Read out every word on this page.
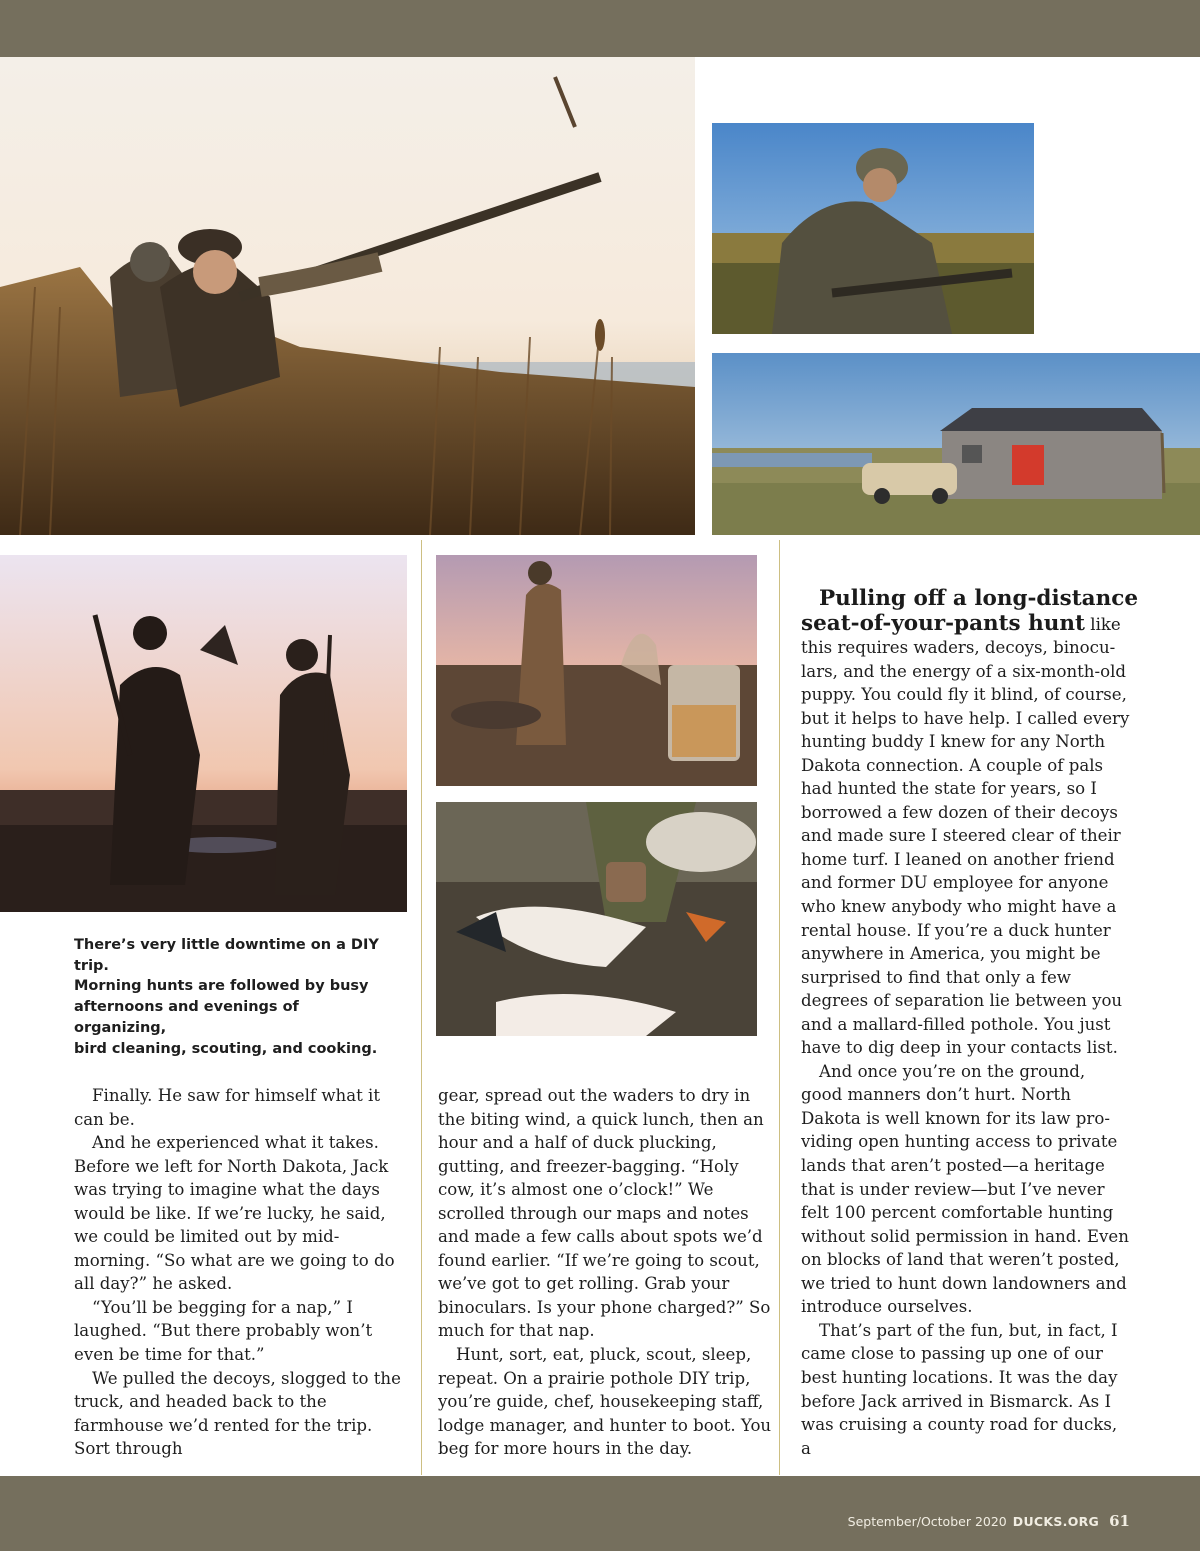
There’s very little downtime on a DIY trip.

Morning hunts are followed by busy

afternoons and evenings of organizing,

bird cleaning, scouting, and cooking.

Finally. He saw for himself what it can be.

And he experienced what it takes. Before we left for North Dakota, Jack was trying to imagine what the days would be like. If we’re lucky, he said, we could be limited out by mid-morning. “So what are we going to do all day?” he asked.

“You’ll be begging for a nap,” I laughed. “But there probably won’t even be time for that.”

We pulled the decoys, slogged to the truck, and headed back to the farmhouse we’d rented for the trip. Sort through

gear, spread out the waders to dry in the biting wind, a quick lunch, then an hour and a half of duck plucking, gutting, and freezer-bagging. “Holy cow, it’s almost one o’clock!” We scrolled through our maps and notes and made a few calls about spots we’d found earlier. “If we’re going to scout, we’ve got to get rolling. Grab your binoculars. Is your phone charged?” So much for that nap.

Hunt, sort, eat, pluck, scout, sleep, repeat. On a prairie pothole DIY trip, you’re guide, chef, housekeeping staff, lodge manager, and hunter to boot. You beg for more hours in the day.

Pulling off a long-distance
seat-of-your-pants hunt like

this requires waders, decoys, binocu- lars, and the energy of a six-month-old puppy. You could fly it blind, of course, but it helps to have help. I called every hunting buddy I knew for any North Dakota connection. A couple of pals had hunted the state for years, so I borrowed a few dozen of their decoys and made sure I steered clear of their home turf. I leaned on another friend and former DU employee for anyone who knew anybody who might have a rental house. If you’re a duck hunter anywhere in America, you might be surprised to find that only a few degrees of separation lie between you and a mallard-filled pothole. You just have to dig deep in your contacts list.

And once you’re on the ground, good manners don’t hurt. North Dakota is well known for its law pro- viding open hunting access to private lands that aren’t posted—a heritage that is under review—but I’ve never felt 100 percent comfortable hunting without solid permission in hand. Even on blocks of land that weren’t posted, we tried to hunt down landowners and introduce ourselves.

That’s part of the fun, but, in fact, I came close to passing up one of our best hunting locations. It was the day before Jack arrived in Bismarck. As I was cruising a county road for ducks, a

September/October 2020 DUCKS.ORG 61
